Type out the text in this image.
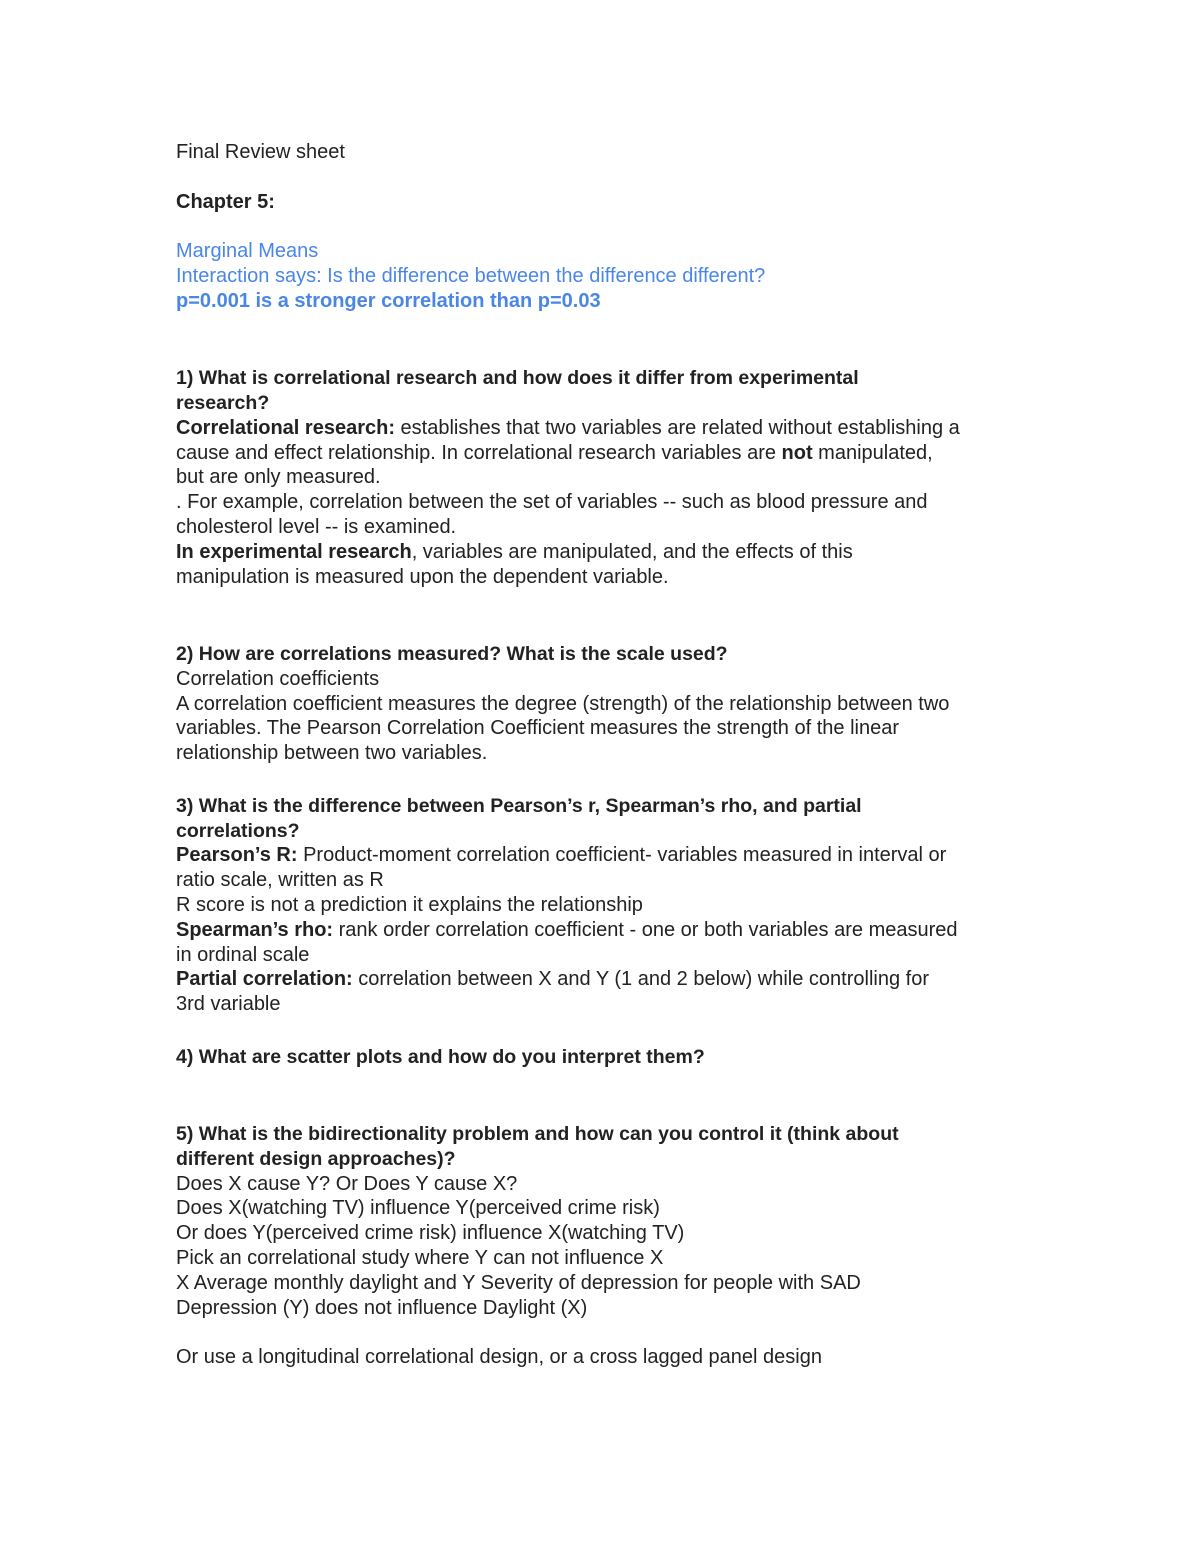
Final Review sheet
Chapter 5:
Marginal Means
Interaction says: Is the difference between the difference different?
p=0.001 is a stronger correlation than p=0.03
1) What is correlational research and how does it differ from experimental
research?
Correlational research: establishes that two variables are related without establishing a
cause and effect relationship. In correlational research variables are not manipulated,
but are only measured.
. For example, correlation between the set of variables -- such as blood pressure and
cholesterol level -- is examined.
In experimental research, variables are manipulated, and the effects of this
manipulation is measured upon the dependent variable.
2) How are correlations measured? What is the scale used?
Correlation coefficients
A correlation coefficient measures the degree (strength) of the relationship between two
variables. The Pearson Correlation Coefficient measures the strength of the linear
relationship between two variables.
3) What is the difference between Pearson’s r, Spearman’s rho, and partial
correlations?
Pearson’s R: Product-moment correlation coefficient- variables measured in interval or
ratio scale, written as R
R score is not a prediction it explains the relationship
Spearman’s rho: rank order correlation coefficient - one or both variables are measured
in ordinal scale
Partial correlation: correlation between X and Y (1 and 2 below) while controlling for
3rd variable
4) What are scatter plots and how do you interpret them?
5) What is the bidirectionality problem and how can you control it (think about
different design approaches)?
Does X cause Y? Or Does Y cause X?
Does X(watching TV) influence Y(perceived crime risk)
Or does Y(perceived crime risk) influence X(watching TV)
Pick an correlational study where Y can not influence X
X Average monthly daylight and Y Severity of depression for people with SAD
Depression (Y) does not influence Daylight (X)
Or use a longitudinal correlational design, or a cross lagged panel design
